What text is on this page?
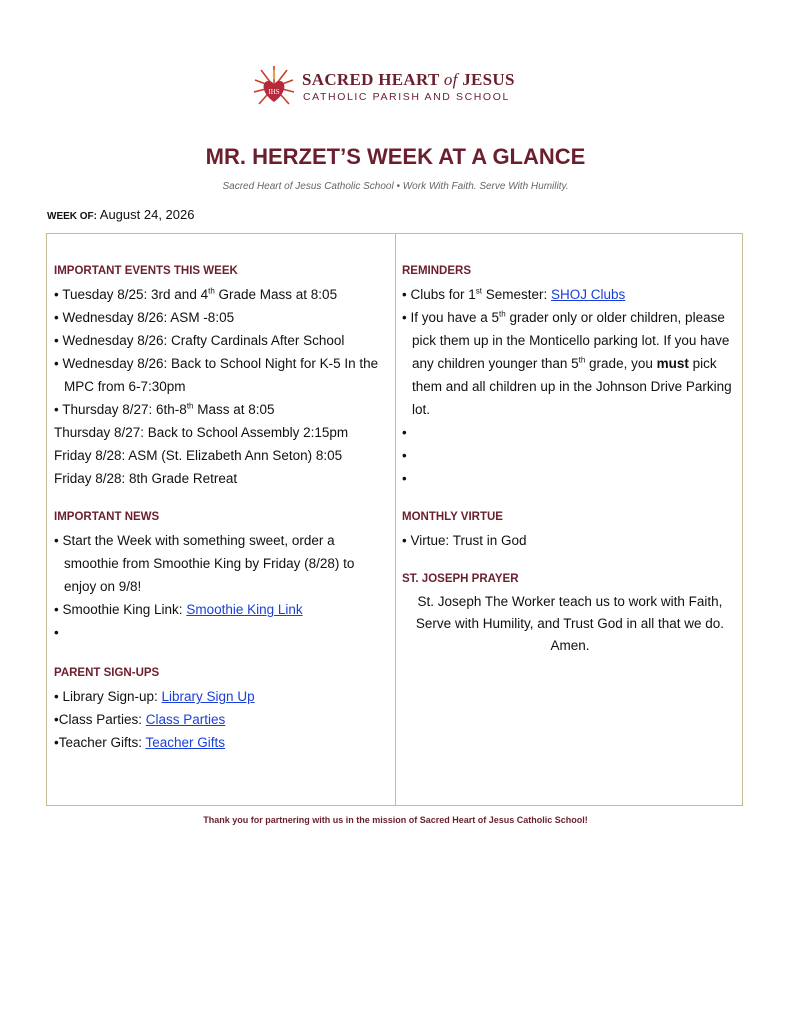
IHS
SACRED HEART of JESUS
CATHOLIC PARISH AND SCHOOL
MR. HERZET’S WEEK AT A GLANCE
Sacred Heart of Jesus Catholic School • Work With Faith. Serve With Humility.
WEEK OF: August 24, 2026
IMPORTANT EVENTS THIS WEEK
• Tuesday 8/25: 3rd and 4th Grade Mass at 8:05
• Wednesday 8/26: ASM -8:05
• Wednesday 8/26: Crafty Cardinals After School
• Wednesday 8/26: Back to School Night for K-5 In the MPC from 6-7:30pm
• Thursday 8/27: 6th-8th Mass at 8:05
Thursday 8/27: Back to School Assembly 2:15pm
Friday 8/28: ASM (St. Elizabeth Ann Seton) 8:05
Friday 8/28: 8th Grade Retreat
IMPORTANT NEWS
• Start the Week with something sweet, order a smoothie from Smoothie King by Friday (8/28) to enjoy on 9/8!
• Smoothie King Link: Smoothie King Link
•
PARENT SIGN-UPS
• Library Sign-up: Library Sign Up
•Class Parties: Class Parties
•Teacher Gifts: Teacher Gifts
REMINDERS
• Clubs for 1st Semester: SHOJ Clubs
• If you have a 5th grader only or older children, please pick them up in the Monticello parking lot. If you have any children younger than 5th grade, you must pick them and all children up in the Johnson Drive Parking lot.
•
•
•
MONTHLY VIRTUE
• Virtue: Trust in God
ST. JOSEPH PRAYER
St. Joseph The Worker teach us to work with Faith, Serve with Humility, and Trust God in all that we do. Amen.
Thank you for partnering with us in the mission of Sacred Heart of Jesus Catholic School!
